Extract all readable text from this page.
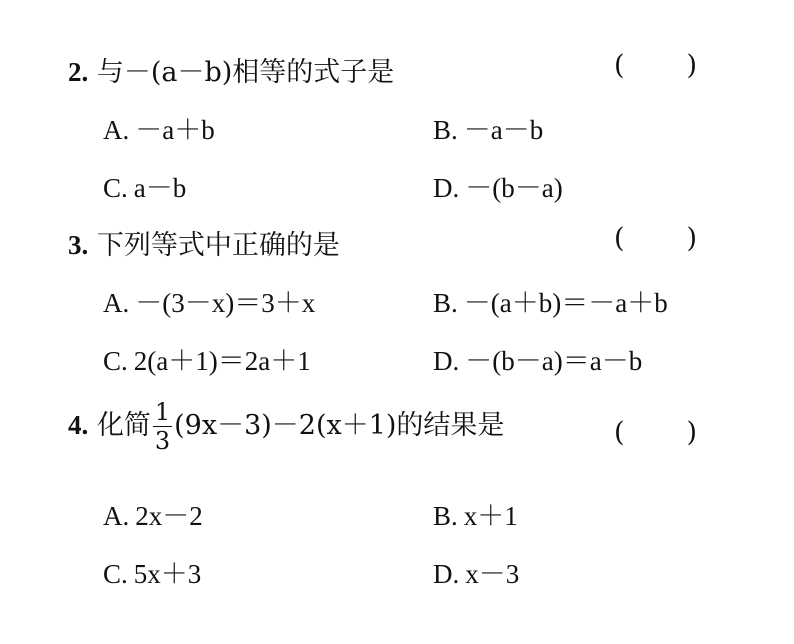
2. 与－(a－b)相等的式子是	( )
A. －a＋b	B. －a－b
C. a－b	D. －(b－a)
3. 下列等式中正确的是	( )
A. －(3－x)＝3＋x	B. －(a＋b)＝－a＋b
C. 2(a＋1)＝2a＋1	D. －(b－a)＝a－b
4. 化简 $\frac{1}{3} (9x-3)-2(x+1)$的结果是	( )
A. 2x－2	B. x＋1
C. 5x＋3	D. x－3
